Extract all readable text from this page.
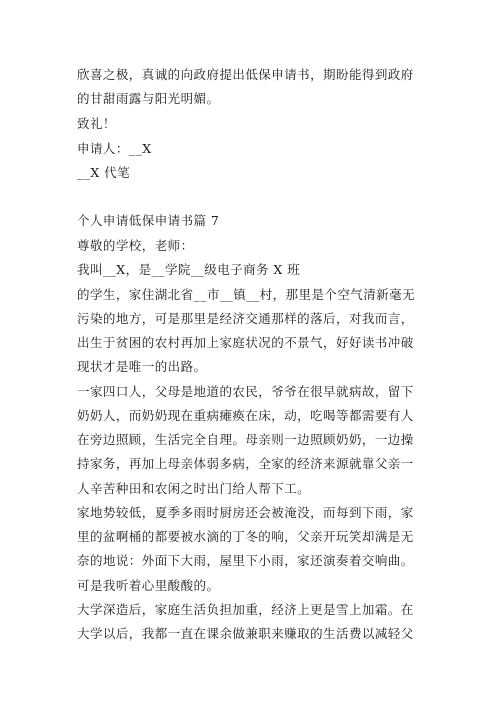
欣喜之极，真诚的向政府提出低保申请书，期盼能得到政府
的甘甜雨露与阳光明媚。
致礼！
申请人：__X
__X 代笔
个人申请低保申请书篇 7
尊敬的学校，老师：
我叫__X，是__学院__级电子商务 X 班
的学生，家住湖北省__市__镇__村，那里是个空气清新毫无
污染的地方，可是那里是经济交通那样的落后，对我而言，
出生于贫困的农村再加上家庭状况的不景气，好好读书冲破
现状才是唯一的出路。
一家四口人，父母是地道的农民，爷爷在很早就病故，留下
奶奶人，而奶奶现在重病瘫痪在床，动，吃喝等都需要有人
在旁边照顾，生活完全自理。母亲则一边照顾奶奶，一边操
持家务，再加上母亲体弱多病，全家的经济来源就靠父亲一
人辛苦种田和农闲之时出门给人帮下工。
家地势较低，夏季多雨时厨房还会被淹没，而每到下雨，家
里的盆啊桶的都要被水滴的丁冬的响，父亲开玩笑却满是无
奈的地说：外面下大雨，屋里下小雨，家还演奏着交响曲。
可是我听着心里酸酸的。
大学深造后，家庭生活负担加重，经济上更是雪上加霜。在
大学以后，我都一直在课余做兼职来赚取的生活费以减轻父
